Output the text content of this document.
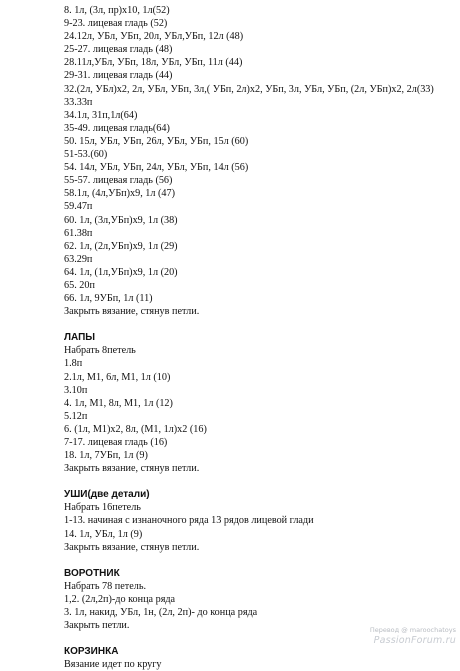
8. 1л, (3л, пр)х10, 1л(52)
9-23. лицевая гладь (52)
24.12л, УБл, УБп, 20л, УБл,УБп, 12л (48)
25-27. лицевая гладь (48)
28.11л,УБл, УБп, 18л, УБл, УБп, 11л (44)
29-31. лицевая гладь (44)
32.(2л, УБл)х2, 2л, УБл, УБп, 3л,( УБп, 2л)х2, УБп, 3л, УБл, УБп, (2л, УБп)х2, 2л(33)
33.33п
34.1л, 31п,1л(64)
35-49. лицевая гладь(64)
50. 15л, УБл, УБп, 26л, УБл, УБп, 15л (60)
51-53.(60)
54. 14л, УБл, УБп, 24л, УБл, УБп, 14л (56)
55-57. лицевая гладь (56)
58.1л, (4л,УБп)х9, 1л (47)
59.47п
60. 1л, (3л,УБп)х9, 1л (38)
61.38п
62. 1л, (2л,УБп)х9, 1л (29)
63.29п
64. 1л, (1л,УБп)х9, 1л (20)
65. 20п
66. 1л, 9УБп, 1л (11)
Закрыть вязание, стянув петли.
ЛАПЫ
Набрать 8петель
1.8п
2.1л, М1, 6л, М1, 1л (10)
3.10п
4. 1л, М1, 8л, М1, 1л (12)
5.12п
6. (1л, М1)х2, 8л, (М1, 1л)х2 (16)
7-17. лицевая гладь (16)
18. 1л, 7УБп, 1л (9)
Закрыть вязание, стянув петли.
УШИ(две детали)
Набрать 16петель
1-13. начиная с изнаночного ряда 13 рядов лицевой глади
14. 1л, УБл, 1л (9)
Закрыть вязание, стянув петли.
ВОРОТНИК
Набрать 78 петель.
1,2. (2л,2п)-до конца ряда
3. 1л, накид, УБл, 1н, (2л, 2п)- до конца ряда
Закрыть петли.
КОРЗИНКА
Вязание идет по кругу
Перевод @ maroochatoys
PassionForum.ru
